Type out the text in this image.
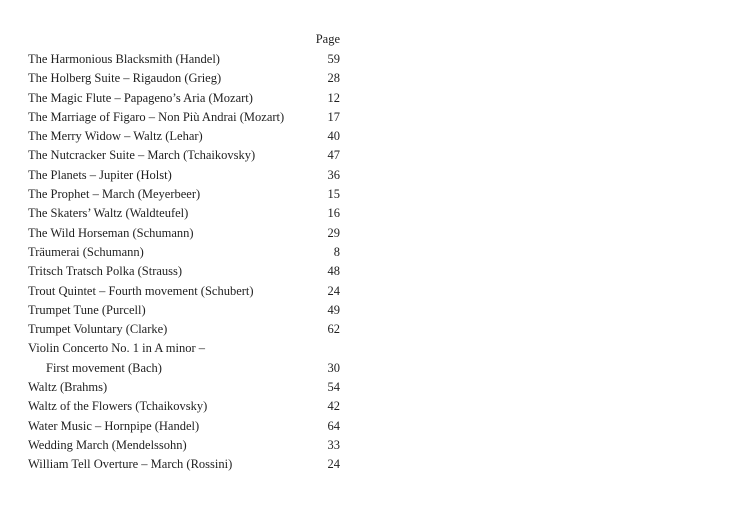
Page
The Harmonious Blacksmith (Handel)	59
The Holberg Suite – Rigaudon (Grieg)	28
The Magic Flute – Papageno’s Aria (Mozart)	12
The Marriage of Figaro – Non Più Andrai (Mozart)	17
The Merry Widow – Waltz (Lehar)	40
The Nutcracker Suite – March (Tchaikovsky)	47
The Planets – Jupiter (Holst)	36
The Prophet – March (Meyerbeer)	15
The Skaters’ Waltz (Waldteufel)	16
The Wild Horseman (Schumann)	29
Träumerai (Schumann)	8
Tritsch Tratsch Polka (Strauss)	48
Trout Quintet – Fourth movement (Schubert)	24
Trumpet Tune (Purcell)	49
Trumpet Voluntary (Clarke)	62
Violin Concerto No. 1 in A minor –
First movement (Bach)	30
Waltz (Brahms)	54
Waltz of the Flowers (Tchaikovsky)	42
Water Music – Hornpipe (Handel)	64
Wedding March (Mendelssohn)	33
William Tell Overture – March (Rossini)	24
